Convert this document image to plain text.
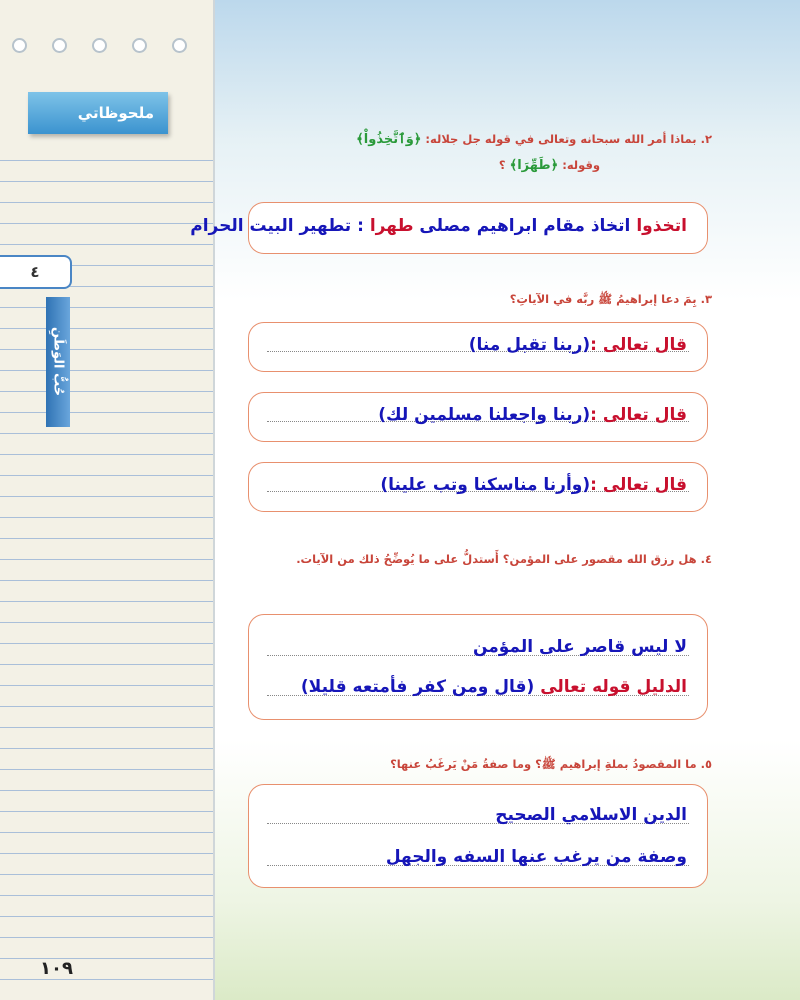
ملحوظاتي
٤
حُبُّ الوَطَنِ
١٠٩
٢. بماذا أمر الله سبحانه وتعالى في قوله جل جلاله: ﴿وَٱتَّخِذُواْ﴾
وقوله: ﴿طَهِّرَا﴾ ؟
اتخذوا اتخاذ مقام ابراهيم مصلى طهرا : تطهير البيت الحرام
٣. بِمَ دعا إبراهيمُ ﷺ ربَّه في الآياتِ؟
قال تعالى :(ربنا تقبل منا)
قال تعالى :(ربنا واجعلنا مسلمين لك)
قال تعالى :(وأرنا مناسكنا وتب علينا)
٤. هل رزق الله مقصور على المؤمن؟ أَستدلُّ على ما يُوضِّحُ ذلك من الآيات.
لا ليس قاصر على المؤمن
الدليل قوله تعالى (قال ومن كفر فأمتعه قليلا)
٥. ما المقصودُ بملةِ إبراهيم ﷺ؟ وما صفةُ مَنْ يَرغَبُ عنها؟
الدين الاسلامي الصحيح
وصفة من يرغب عنها السفه والجهل
